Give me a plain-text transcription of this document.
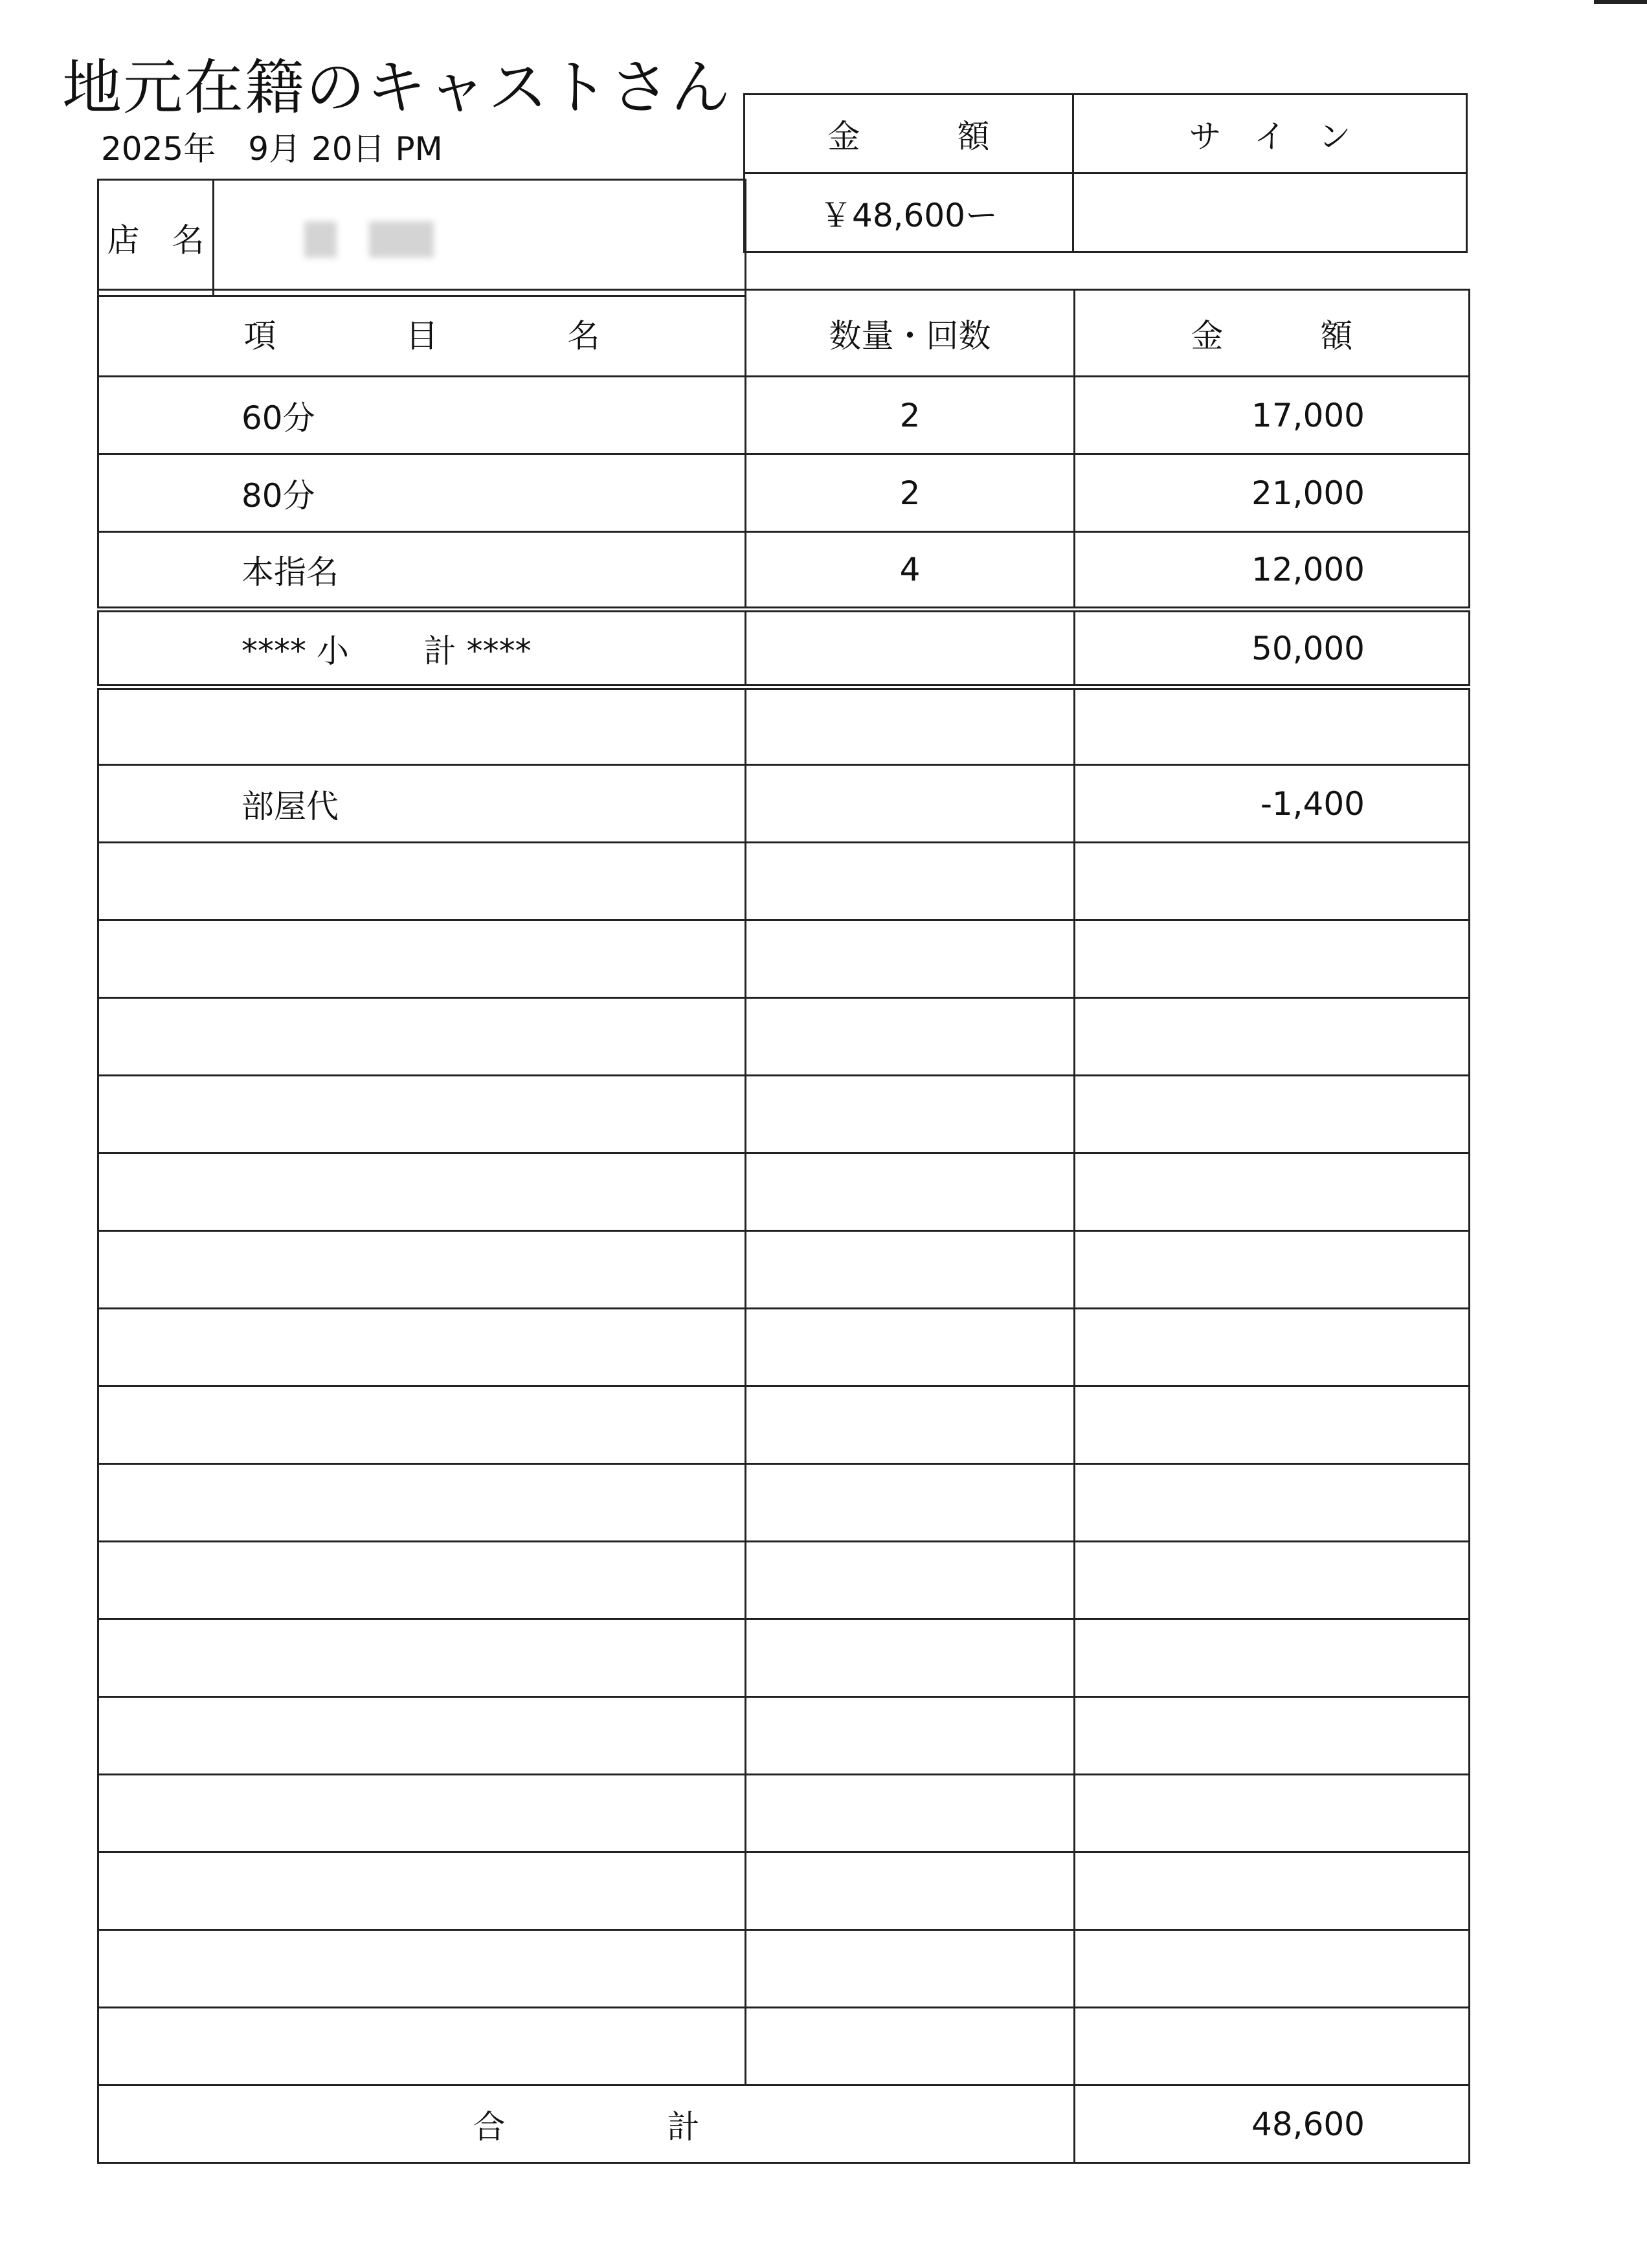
地元在籍のキャストさん
2025年　9月 20日 PM	金　　　額	サ　イ　ン
￥48,600ー	
店　名	

項　　　　目　　　　名	数量・回数	金　　　額
60分	2	17,000
80分	2	21,000
本指名	4	12,000
**** 小　　 計 ****		50,000

部屋代		-1,400

合　　　　　計		48,600
